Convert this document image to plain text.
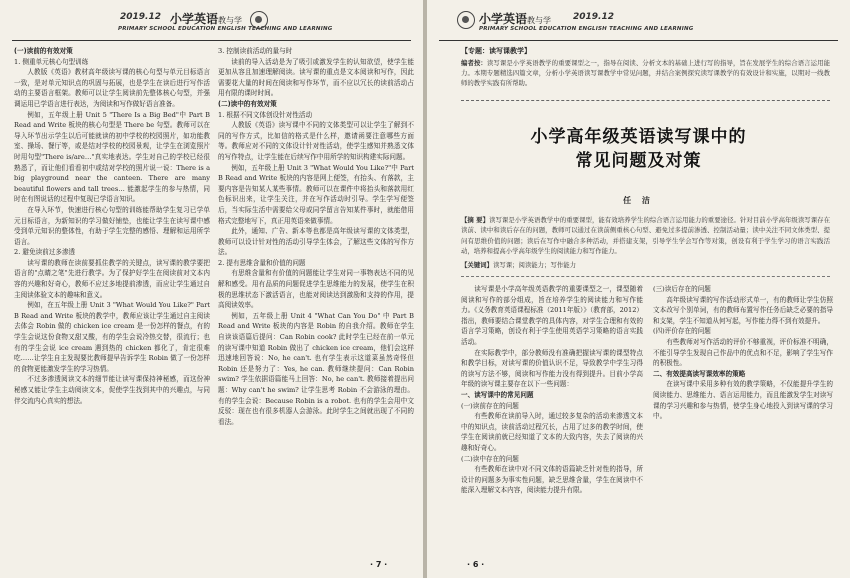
2019.12 小学英语教与学
PRIMARY SCHOOL EDUCATION ENGLISH TEACHING AND LEARNING

(一)读前的有效对策

1. 侧重单元核心句型训练

人教版《英语》教材高年级读写课的核心句型与单元目标语言一致，是对单元知识点的巩固与拓展，也是学生在读后进行写作活动的主要语言框架。教师可以让学生阅读前先整体核心句型，并强调运用已学语言进行表达，为阅读和写作做好语言准备。

例如，五年级上册 Unit 5 "There Is a Big Bed"中 Part B Read and Write 板块的核心句型是 There be 句型。教师可以在导入环节出示学生以后可能就读的初中学校的校园照片，如功能教室、操场、餐厅等，或是结对学校的校园景观，让学生在浏览照片时用句型"There is/are…"真实地表达。学生对自己的学校已经很熟悉了，而让他们看看初中或结对学校的照片说一说：There is a big playground near the canteen. There are many beautiful flowers and tall trees… 能激起学生的参与热情，同时在有图说话的过程中复现已学语言知识。

在导入环节，快速进行核心句型的训练能帮助学生复习已学单元目标语言，为新知识的学习做好铺垫，也能让学生在读写课中感受到单元知识的整体性，有助于学生完整的感悟、理解和运用所学语言。

2. 避免读前过多渗透

读写课的教师在读前要抓住教学的关键点，读写课的教学要把语言的"点睛之笔"先进行教学。为了保护好学生在阅读前对文本内容的兴趣和好奇心，教师不应过多地提前渗透，而应让学生通过自主阅读体验文本的趣味和意义。

例如，在五年级上册 Unit 3 "What Would You Like?" Part B Read and Write 板块的教学中，教师应该让学生通过自主阅读去体会 Robin 做的 chicken ice cream 是一份怎样的餐点，有的学生会说这份食物又甜又酸，有的学生会说冷热交替，很流行；也有的学生会说 ice cream 遇到热的 chicken 都化了，肯定很难吃……让学生自主发现要比教师提早告诉学生 Robin 做了一份怎样的食物更能激发学生的学习热情。

不过多渗透阅读文本的细节能让读写课保持神秘感，而这份神秘感又能让学生主动阅读文本，促使学生找到其中的兴趣点，与同伴交流内心真实的想法。

3. 控制读前活动的量与时

读前的导入活动是为了吸引或激发学生的认知欲望，使学生能更加从容且加速理解阅读。读写课的重点是文本阅读和写作，因此需要花大量的时间在阅读和写作环节，而不应以冗长的读前活动占用有限的课时时间。

(二)读中的有效对策

1. 根据不同文体创设针对性活动

人教版《英语》读写课中不同的文体类型可以让学生了解到不同的写作方式，比如信的格式是什么样，邀请函要注意哪些方面等。教师应对不同的文体设计针对性活动，使学生感知并熟悉文体的写作特点，让学生能在后续写作中用所学的知识构建实际问题。

例如，五年级上册 Unit 3 "What Would You Like?"中 Part B Read and Write 板块的内容是网上便签，有抬头、有落款，主要内容是告知某人某些事情。教师可以在课件中将抬头和落款用红色标识出来，让学生关注，并在写作活动时引导。学生学写便签后，当实际生活中需要给父母或同学留言告知某件事时，就能借用格式完整地写下，真正用英语来做事情。

此外，通知、广告、新本等也都是高年级读写课的文体类型，教师可以设计针对性的活动引导学生体会，了解这些文体的写作方法。

2. 提有思维含量和价值的问题

有思维含量和有价值的问题能让学生对同一事物表达不同的见解和感受。用有品质的问题促进学生思维能力的发展，使学生在积极的思维状态下激活语言，也能对阅读达到激励和支持的作用，提高阅读效率。

例如，五年级上册 Unit 4 "What Can You Do" 中 Part B Read and Write 板块的内容是 Robin 的自我介绍。教师在学生自读该语篇后提问：Can Robin cook? 此时学生已经在前一单元的读写课中知道 Robin 做出了 chicken ice cream，他们会这样迅速地回答说：No, he can't. 也有学生表示这道菜虽然奇怪但 Robin 还是努力了：Yes, he can. 教师继续提问：Can Robin swim? 学生依据语篇能马上回答：No, he can't. 教师接着提出问题：Why can't he swim? 让学生思考 Robin 不会游泳的理由。有的学生会说：Because Robin is a robot. 也有的学生会用中文反驳：现在也有很多机器人会游泳。此时学生之间就出现了不同的看法。

· 7 ·
小学英语教与学 2019.12
PRIMARY SCHOOL EDUCATION ENGLISH TEACHING AND LEARNING
【专题：读写课教学】
编者按：读写课是小学英语教学的重要课型之一，指导在阅读、分析文本的基础上进行写的指导，旨在发展学生的综合语言运用能力。本期专题精选四篇文章，分析小学英语读写课教学中常见问题，并结合案例探究读写课教学的有效设计和实施，以期对一线教师的教学实践有所帮助。
小学高年级英语读写课中的
常见问题及对策
任 洁
【摘 要】读写课是小学英语教学中的重要课型，能有效培养学生的综合语言运用能力的重要途径。针对目前小学高年级读写课存在读前、读中和读后存在的问题，教师可以通过在读前侧重核心句型、避免过多提前渗透、控制活动量；读中关注不同文体类型、提问有思维价值的问题；读后在写作中融合多种活动，并搭建支架，引导学生学会写作等对策，创设有利于学生学习的语言实践活动，培养和提高小学高年级学生的阅读能力和写作能力。
【关键词】读写课；阅读能力；写作能力

读写课是小学高年级英语教学的重要课型之一，课型随着阅读和写作的部分组成，旨在培养学生的阅读能力和写作能力。《义务教育英语课程标准（2011年版）》（教育部，2012）指出，教师要结合课堂教学的具体内容，对学生合理和有效的语言学习策略，创设有利于学生使用英语学习策略的语言实践活动。

在实际教学中，部分教师没有准确把握读写课的课型特点和教学目标，对读写课的价值认识不足，导致教学中学生习得的读写方法不够，阅读和写作能力没有得到提升。目前小学高年级的读写课主要存在以下一些问题：

一、读写课中的常见问题

(一)读前存在的问题

有些教师在读前导入时，通过较多复杂的活动来渗透文本中的知识点，读前活动过程冗长，占用了过多的教学时间，使学生在阅读前就已经知道了文本的大致内容，失去了阅读的兴趣和好奇心。

(二)读中存在的问题

有些教师在读中对不同文体的语篇缺乏针对性的指导，所设计的问题多为事实性问题，缺乏思维含量，学生在阅读中不能深入理解文本内容，阅读能力提升有限。

(三)读后存在的问题

高年级读写课的写作活动形式单一，有的教师让学生仿照文本改写个别单词，有的教师布置写作任务后缺乏必要的指导和支架，学生不知道从何写起，写作能力得不到有效提升。

(四)评价存在的问题

有些教师对写作活动的评价不够重视，评价标准不明确，不能引导学生发现自己作品中的优点和不足，影响了学生写作的积极性。

二、有效提高读写课效率的策略

在读写课中采用多种有效的教学策略，不仅能提升学生的阅读能力、思维能力、语言运用能力，而且能激发学生对读写课的学习兴趣和参与热情，使学生身心地投入到读写课的学习中。

· 6 ·
